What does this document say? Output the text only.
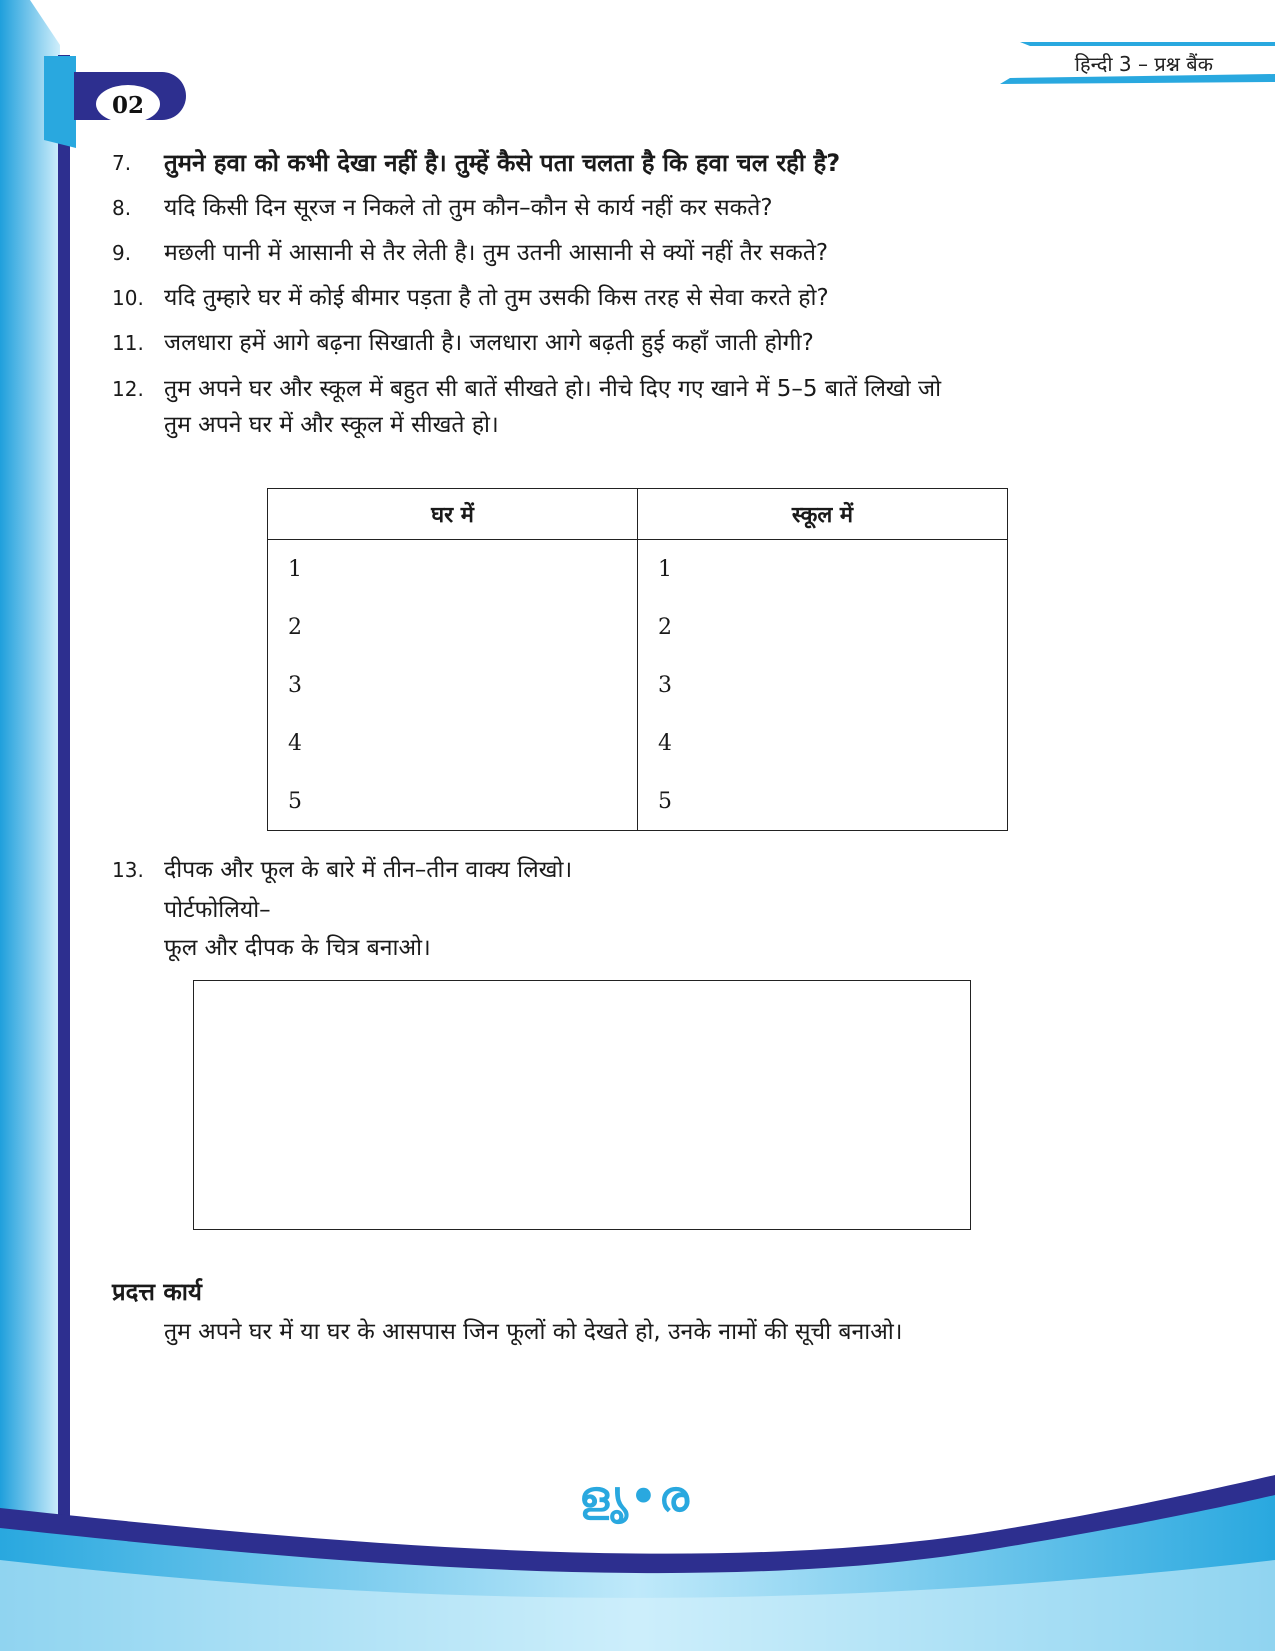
हिन्दी 3 – प्रश्न बैंक
02
7.	तुमने हवा को कभी देखा नहीं है। तुम्हें कैसे पता चलता है कि हवा चल रही है?
8.	यदि किसी दिन सूरज न निकले तो तुम कौन–कौन से कार्य नहीं कर सकते?
9.	मछली पानी में आसानी से तैर लेती है। तुम उतनी आसानी से क्यों नहीं तैर सकते?
10. यदि तुम्हारे घर में कोई बीमार पड़ता है तो तुम उसकी किस तरह से सेवा करते हो?
11. जलधारा हमें आगे बढ़ना सिखाती है। जलधारा आगे बढ़ती हुई कहाँ जाती होगी?
12. तुम अपने घर और स्कूल में बहुत सी बातें सीखते हो। नीचे दिए गए खाने में 5–5 बातें लिखो जो
तुम अपने घर में और स्कूल में सीखते हो।
घर में	स्कूल में
1	1
2	2
3	3
4	4
5	5
13. दीपक और फूल के बारे में तीन–तीन वाक्य लिखो।
पोर्टफोलियो–
फूल और दीपक के चित्र बनाओ।
प्रदत्त कार्य
तुम अपने घर में या घर के आसपास जिन फूलों को देखते हो, उनके नामों की सूची बनाओ।
ളൃ•ര
